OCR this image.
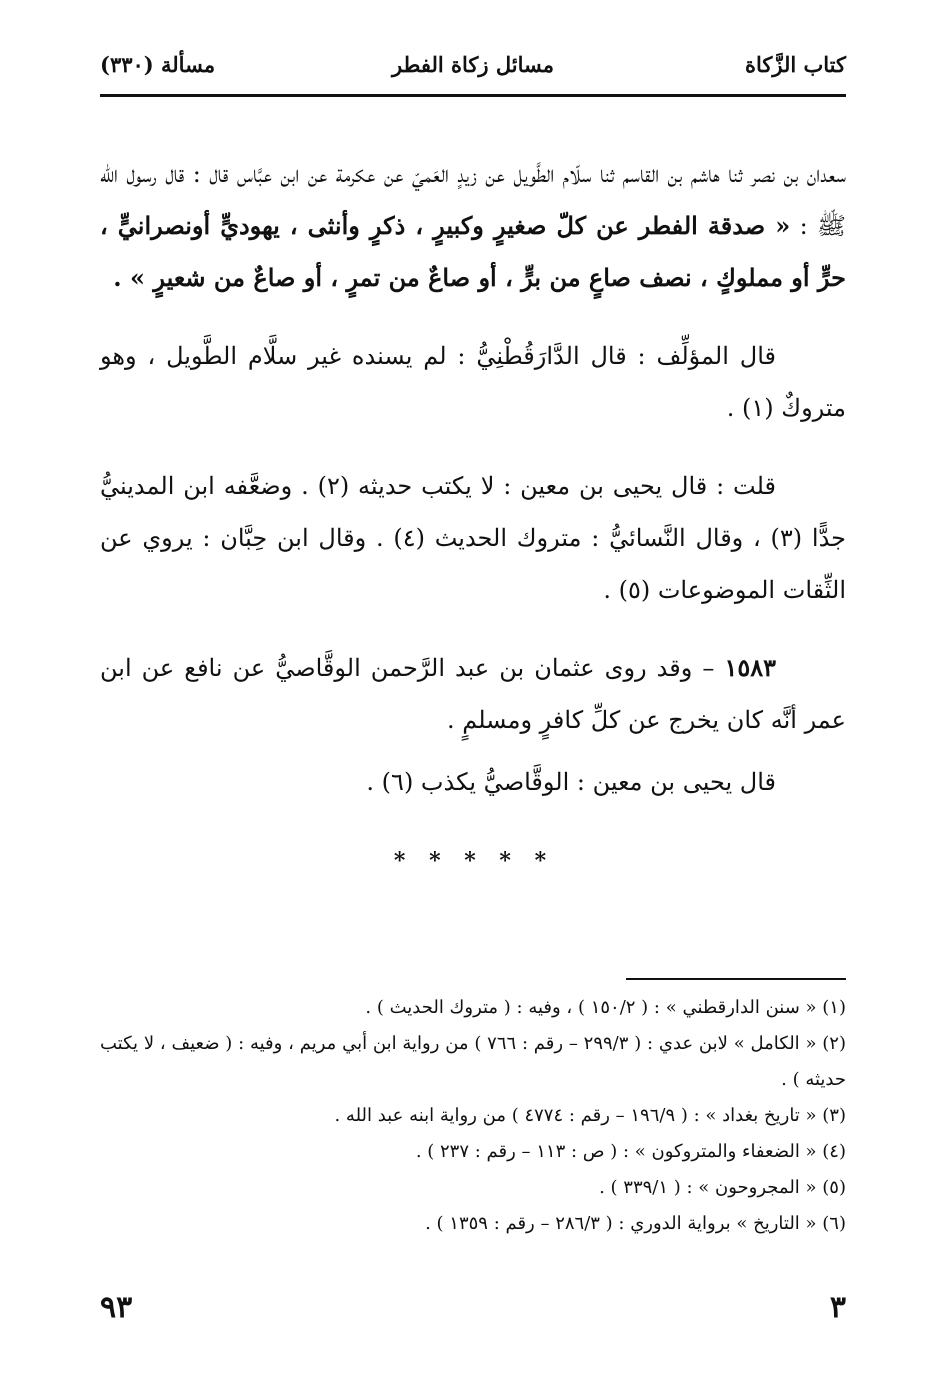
كتاب الزَّكاة
مسائل زكاة الفطر
مسألة (٣٣٠)

سعدان بن نصر ثنا هاشم بن القاسم ثنا سلّام الطَّويل عن زيدٍ العَميّ عن عكرمة عن ابن عبَّاس قال : قال رسول الله ﷺ : « صدقة الفطر عن كلّ صغيرٍ وكبيرٍ ، ذكرٍ وأنثى ، يهوديٍّ أونصرانيٍّ ، حرٍّ أو مملوكٍ ، نصف صاعٍ من برٍّ ، أو صاعٌ من تمرٍ ، أو صاعٌ من شعيرٍ » .

قال المؤلِّف : قال الدَّارَقُطْنِيُّ : لم يسنده غير سلَّام الطَّويل ، وهو متروكٌ (١) .

قلت : قال يحيى بن معين : لا يكتب حديثه (٢) . وضعَّفه ابن المدينيُّ جدًّا (٣) ، وقال النَّسائيُّ : متروك الحديث (٤) . وقال ابن حِبَّان : يروي عن الثِّقات الموضوعات (٥) .

١٥٨٣ – وقد روى عثمان بن عبد الرَّحمن الوقَّاصيُّ عن نافع عن ابن عمر أنَّه كان يخرج عن كلِّ كافرٍ ومسلمٍ .

قال يحيى بن معين : الوقَّاصيُّ يكذب (٦) .

* * * * *

(١) « سنن الدارقطني » : ( ١٥٠/٢ ) ، وفيه : ( متروك الحديث ) .

(٢) « الكامل » لابن عدي : ( ٢٩٩/٣ – رقم : ٧٦٦ ) من رواية ابن أبي مريم ، وفيه : ( ضعيف ، لا يكتب حديثه ) .

(٣) « تاريخ بغداد » : ( ١٩٦/٩ – رقم : ٤٧٧٤ ) من رواية ابنه عبد الله .

(٤) « الضعفاء والمتروكون » : ( ص : ١١٣ – رقم : ٢٣٧ ) .

(٥) « المجروحون » : ( ٣٣٩/١ ) .

(٦) « التاريخ » برواية الدوري : ( ٢٨٦/٣ – رقم : ١٣٥٩ ) .

٣
٩٣
